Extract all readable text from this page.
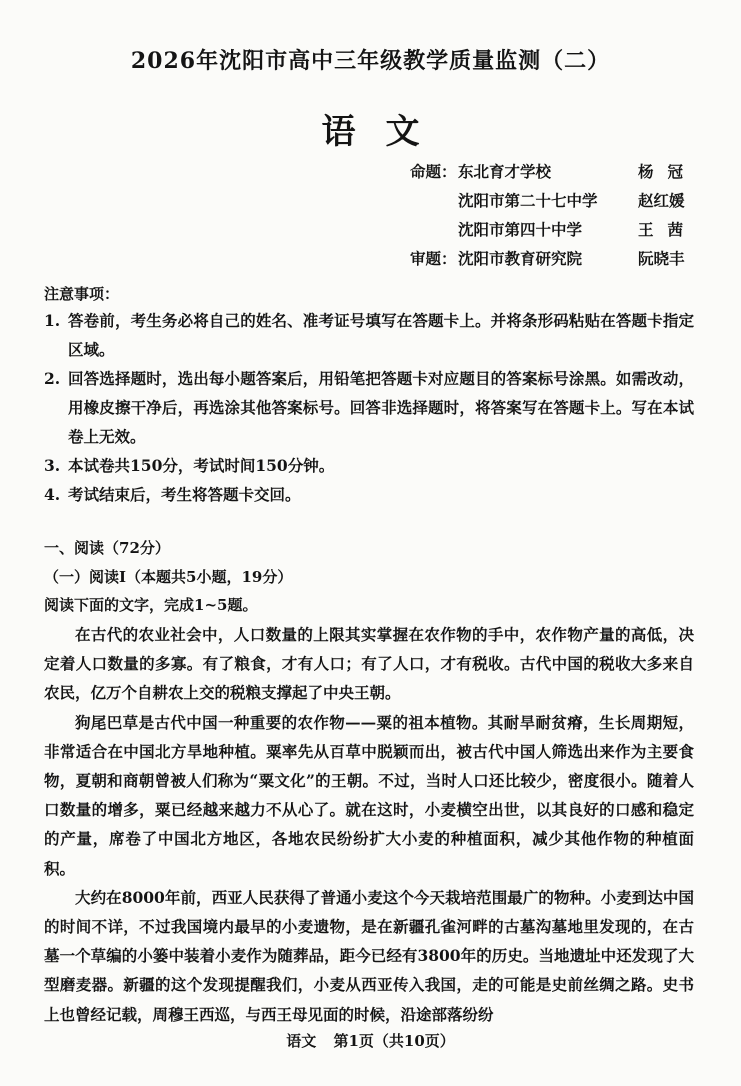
2026年沈阳市高中三年级教学质量监测（二）
语文
命题： 东北育才学校	杨冠
沈阳市第二十七中学	赵红媛
沈阳市第四十中学	王茜
审题： 沈阳市教育研究院	阮晓丰
注意事项：
1. 答卷前，考生务必将自己的姓名、准考证号填写在答题卡上。并将条形码粘贴在答题卡指定区域。
2. 回答选择题时，选出每小题答案后，用铅笔把答题卡对应题目的答案标号涂黑。如需改动，用橡皮擦干净后，再选涂其他答案标号。回答非选择题时，将答案写在答题卡上。写在本试卷上无效。
3. 本试卷共150分，考试时间150分钟。
4. 考试结束后，考生将答题卡交回。
一、阅读（72分）
（一）阅读Ⅰ（本题共5小题，19分）
阅读下面的文字，完成1~5题。

在古代的农业社会中，人口数量的上限其实掌握在农作物的手中，农作物产量的高低，决定着人口数量的多寡。有了粮食，才有人口；有了人口，才有税收。古代中国的税收大多来自农民，亿万个自耕农上交的税粮支撑起了中央王朝。

狗尾巴草是古代中国一种重要的农作物——粟的祖本植物。其耐旱耐贫瘠，生长周期短，非常适合在中国北方旱地种植。粟率先从百草中脱颖而出，被古代中国人筛选出来作为主要食物，夏朝和商朝曾被人们称为“粟文化”的王朝。不过，当时人口还比较少，密度很小。随着人口数量的增多，粟已经越来越力不从心了。就在这时，小麦横空出世，以其良好的口感和稳定的产量，席卷了中国北方地区，各地农民纷纷扩大小麦的种植面积，减少其他作物的种植面积。

大约在8000年前，西亚人民获得了普通小麦这个今天栽培范围最广的物种。小麦到达中国的时间不详，不过我国境内最早的小麦遗物，是在新疆孔雀河畔的古墓沟墓地里发现的，在古墓一个草编的小篓中装着小麦作为随葬品，距今已经有3800年的历史。当地遗址中还发现了大型磨麦器。新疆的这个发现提醒我们，小麦从西亚传入我国，走的可能是史前丝绸之路。史书上也曾经记载，周穆王西巡，与西王母见面的时候，沿途部落纷纷

语文 第1页（共10页）
